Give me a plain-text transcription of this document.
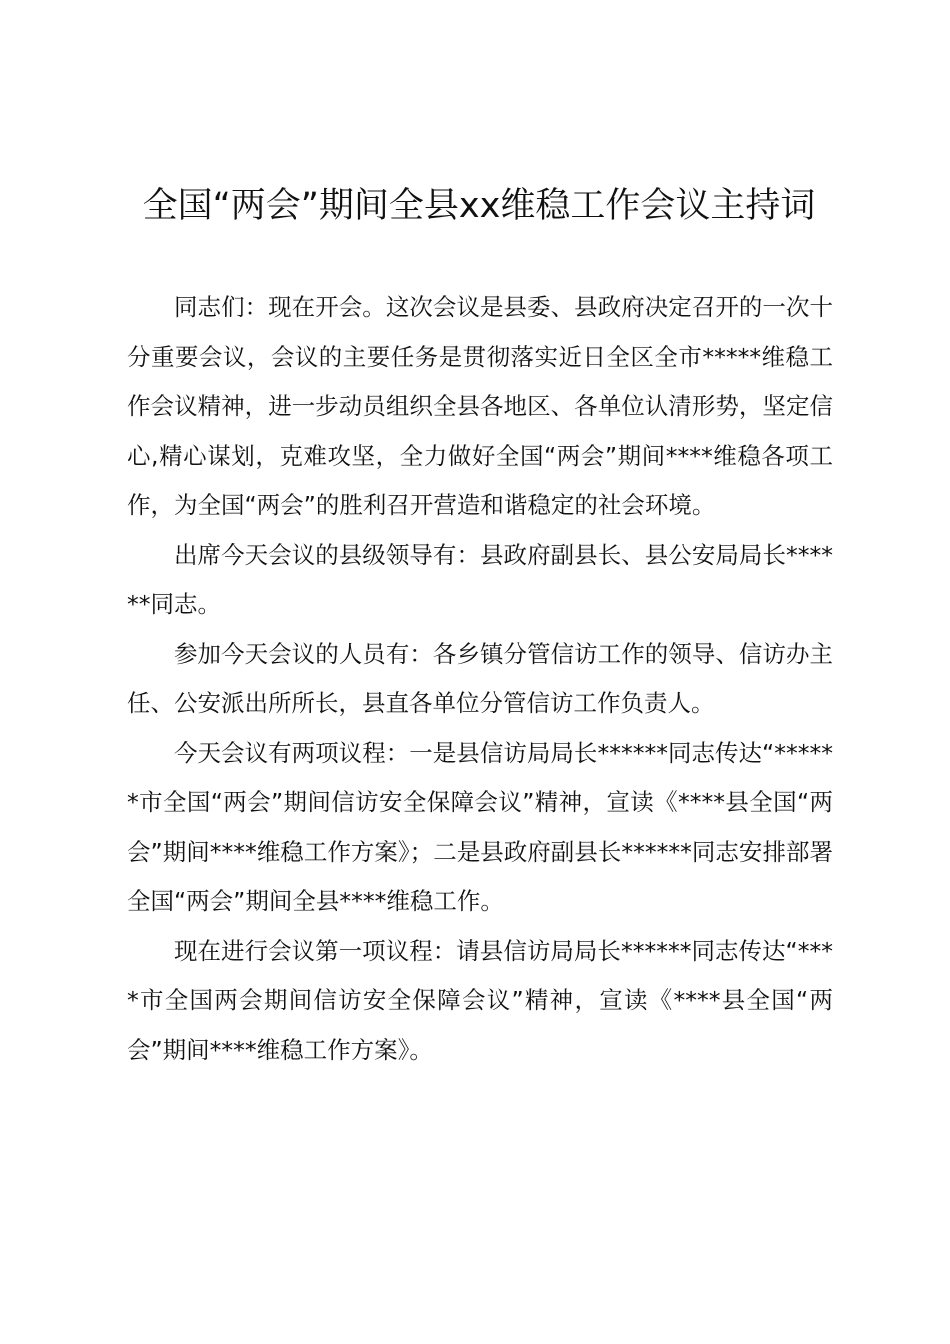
全国“两会”期间全县xx维稳工作会议主持词

同志们：现在开会。这次会议是县委、县政府决定召开的一次十分重要会议，会议的主要任务是贯彻落实近日全区全市*****维稳工作会议精神，进一步动员组织全县各地区、各单位认清形势，坚定信心,精心谋划，克难攻坚，全力做好全国“两会”期间****维稳各项工作，为全国“两会”的胜利召开营造和谐稳定的社会环境。

出席今天会议的县级领导有：县政府副县长、县公安局局长******同志。

参加今天会议的人员有：各乡镇分管信访工作的领导、信访办主任、公安派出所所长，县直各单位分管信访工作负责人。

今天会议有两项议程：一是县信访局局长******同志传达“******市全国“两会”期间信访安全保障会议”精神，宣读《****县全国“两会”期间****维稳工作方案》；二是县政府副县长******同志安排部署全国“两会”期间全县****维稳工作。

现在进行会议第一项议程：请县信访局局长******同志传达“****市全国两会期间信访安全保障会议”精神，宣读《****县全国“两会”期间****维稳工作方案》。
